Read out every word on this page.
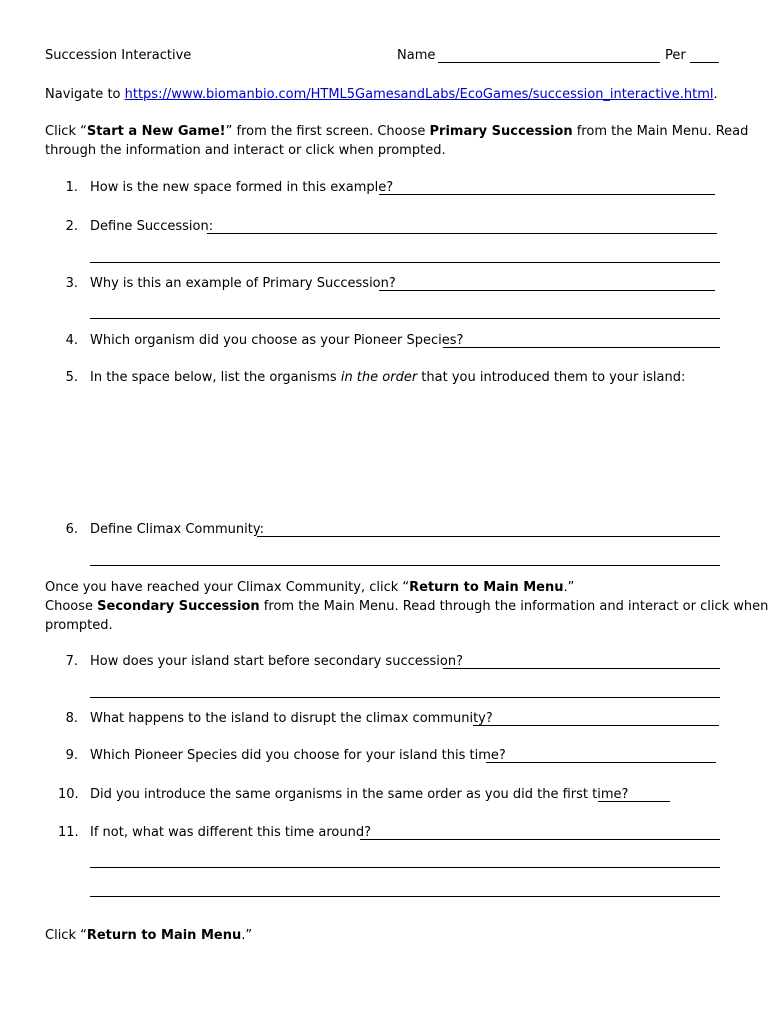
Succession Interactive	Name	Per
Navigate to https://www.biomanbio.com/HTML5GamesandLabs/EcoGames/succession_interactive.html.
Click “Start a New Game!” from the first screen. Choose Primary Succession from the Main Menu. Read
through the information and interact or click when prompted.
1. How is the new space formed in this example?
2. Define Succession:
3. Why is this an example of Primary Succession?
4. Which organism did you choose as your Pioneer Species?
5. In the space below, list the organisms in the order that you introduced them to your island:
6. Define Climax Community:
Once you have reached your Climax Community, click “Return to Main Menu.”
Choose Secondary Succession from the Main Menu. Read through the information and interact or click when
prompted.
7. How does your island start before secondary succession?
8. What happens to the island to disrupt the climax community?
9. Which Pioneer Species did you choose for your island this time?
10. Did you introduce the same organisms in the same order as you did the first time?
11. If not, what was different this time around?
Click “Return to Main Menu.”
